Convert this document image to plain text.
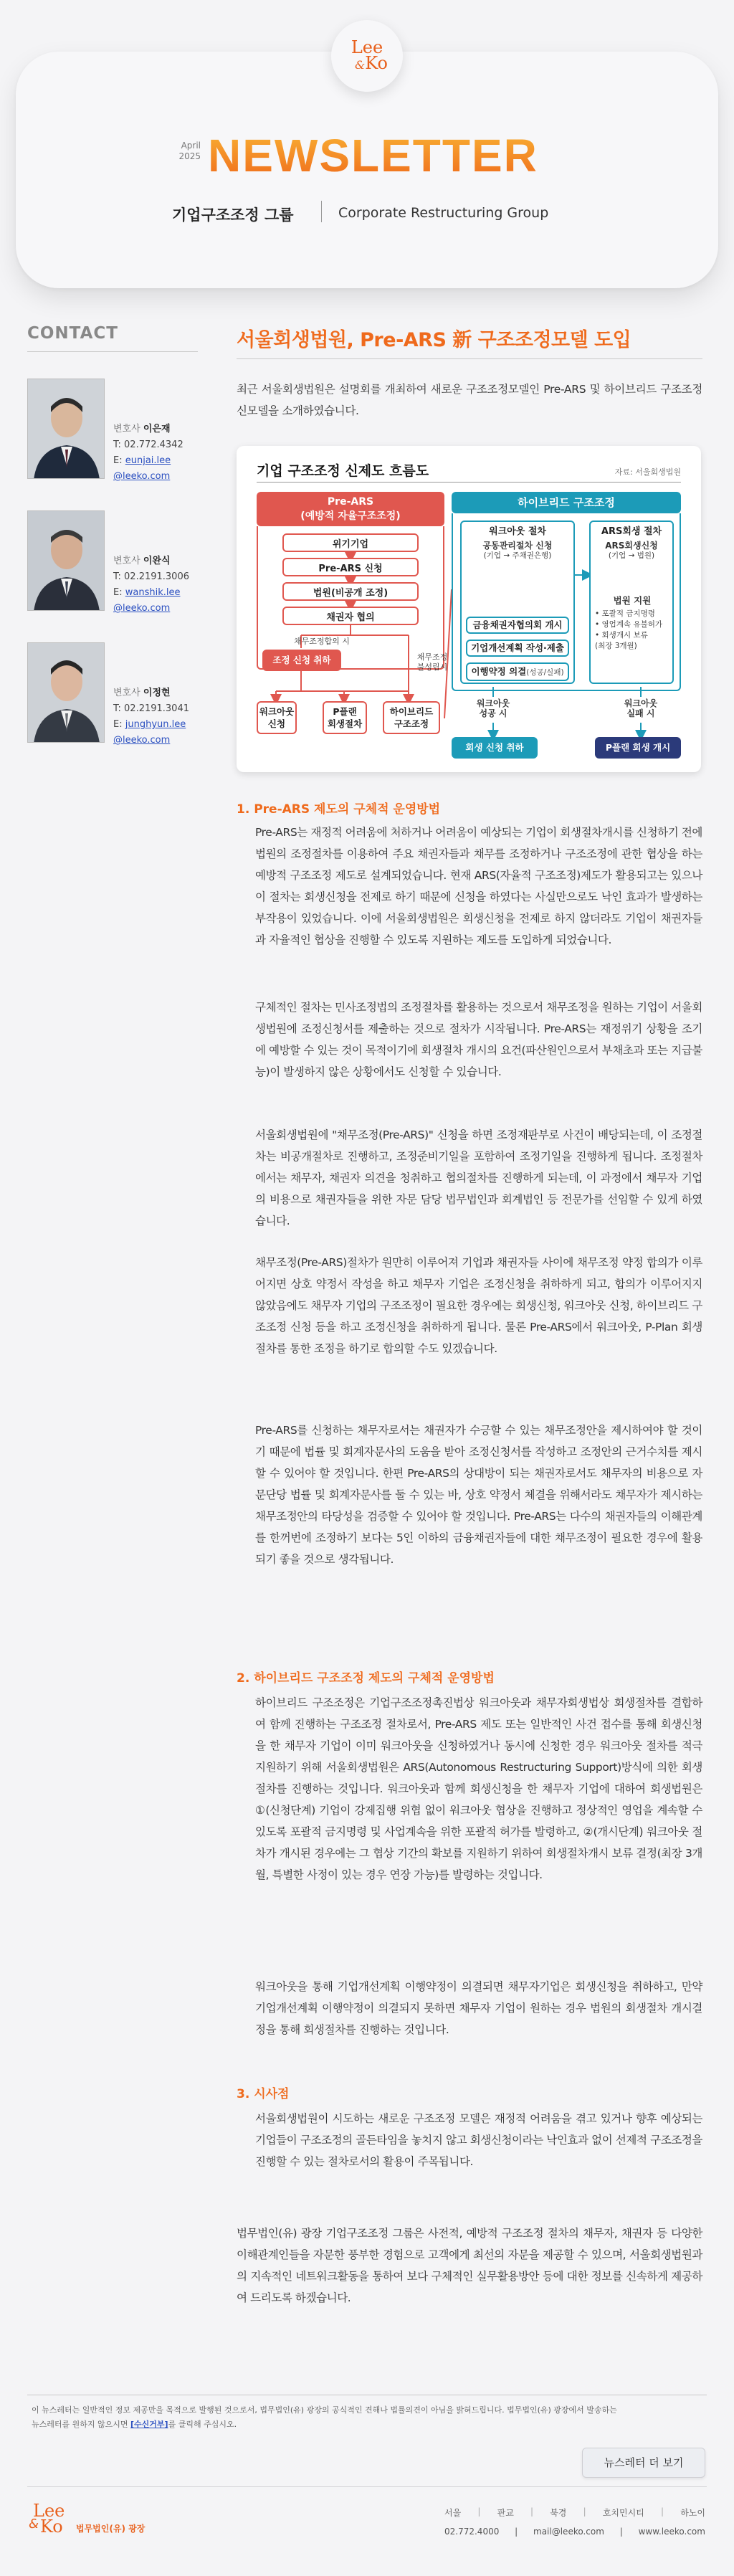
Lee
&Ko
April
2025 NEWSLETTER
기업구조조정 그룹	Corporate Restructuring Group
CONTACT
변호사 이은재
T: 02.772.4342
E: eunjai.lee
@leeko.com
변호사 이완식
T: 02.2191.3006
E: wanshik.lee
@leeko.com
변호사 이정현
T: 02.2191.3041
E: junghyun.lee
@leeko.com
서울회생법원, Pre-ARS 新 구조조정모델 도입
최근 서울회생법원은 설명회를 개최하여 새로운 구조조정모델인 Pre-ARS 및 하이브리드 구조조정 신모델을 소개하였습니다.
기업 구조조정 신제도 흐름도	자료: 서울회생법원
Pre-ARS
(예방적 자율구조조정)
위기기업
Pre-ARS 신청
법원(비공개 조정)
채권자 협의
채무조정합의 시
채무조정
불성립시
조정 신청 취하
워크아웃
신청
P플랜
회생절차
하이브리드
구조조정
하이브리드 구조조정
워크아웃 절차
공동관리절차 신청
(기업 → 주채권은행)
금융채권자협의회 개시
기업개선계획 작성·제출
이행약정 의결(성공/실패)
ARS회생 절차
ARS회생신청
(기업 → 법원)
법원 지원
• 포괄적 금지명령
• 영업계속 유불허가
• 회생개시 보류
(최장 3개월)
워크아웃
성공 시
워크아웃
실패 시
회생 신청 취하	P플랜 회생 개시
1. Pre-ARS 제도의 구체적 운영방법
Pre-ARS는 재정적 어려움에 처하거나 어려움이 예상되는 기업이 회생절차개시를 신청하기 전에 법원의 조정절차를 이용하여 주요 채권자들과 채무를 조정하거나 구조조정에 관한 협상을 하는 예방적 구조조정 제도로 설계되었습니다. 현재 ARS(자율적 구조조정)제도가 활용되고는 있으나 이 절차는 회생신청을 전제로 하기 때문에 신청을 하였다는 사실만으로도 낙인 효과가 발생하는 부작용이 있었습니다. 이에 서울회생법원은 회생신청을 전제로 하지 않더라도 기업이 채권자들과 자율적인 협상을 진행할 수 있도록 지원하는 제도를 도입하게 되었습니다.
구체적인 절차는 민사조정법의 조정절차를 활용하는 것으로서 채무조정을 원하는 기업이 서울회생법원에 조정신청서를 제출하는 것으로 절차가 시작됩니다. Pre-ARS는 재정위기 상황을 조기에 예방할 수 있는 것이 목적이기에 회생절차 개시의 요건(파산원인으로서 부채초과 또는 지급불능)이 발생하지 않은 상황에서도 신청할 수 있습니다.
서울회생법원에 "채무조정(Pre-ARS)" 신청을 하면 조정재판부로 사건이 배당되는데, 이 조정절차는 비공개절차로 진행하고, 조정준비기일을 포함하여 조정기일을 진행하게 됩니다. 조정절차에서는 채무자, 채권자 의견을 청취하고 협의절차를 진행하게 되는데, 이 과정에서 채무자 기업의 비용으로 채권자들을 위한 자문 담당 법무법인과 회계법인 등 전문가를 선임할 수 있게 하였습니다.
채무조정(Pre-ARS)절차가 원만히 이루어져 기업과 채권자들 사이에 채무조정 약정 합의가 이루어지면 상호 약정서 작성을 하고 채무자 기업은 조정신청을 취하하게 되고, 합의가 이루어지지 않았음에도 채무자 기업의 구조조정이 필요한 경우에는 회생신청, 워크아웃 신청, 하이브리드 구조조정 신청 등을 하고 조정신청을 취하하게 됩니다. 물론 Pre-ARS에서 워크아웃, P-Plan 회생절차를 통한 조정을 하기로 합의할 수도 있겠습니다.
Pre-ARS를 신청하는 채무자로서는 채권자가 수긍할 수 있는 채무조정안을 제시하여야 할 것이기 때문에 법률 및 회계자문사의 도움을 받아 조정신청서를 작성하고 조정안의 근거수치를 제시할 수 있어야 할 것입니다. 한편 Pre-ARS의 상대방이 되는 채권자로서도 채무자의 비용으로 자문단당 법률 및 회계자문사를 둘 수 있는 바, 상호 약정서 체결을 위해서라도 채무자가 제시하는 채무조정안의 타당성을 검증할 수 있어야 할 것입니다. Pre-ARS는 다수의 채권자들의 이해관계를 한꺼번에 조정하기 보다는 5인 이하의 금융채권자들에 대한 채무조정이 필요한 경우에 활용되기 좋을 것으로 생각됩니다.
2. 하이브리드 구조조정 제도의 구체적 운영방법
하이브리드 구조조정은 기업구조조정촉진법상 워크아웃과 채무자회생법상 회생절차를 결합하여 함께 진행하는 구조조정 절차로서, Pre-ARS 제도 또는 일반적인 사건 접수를 통해 회생신청을 한 채무자 기업이 이미 워크아웃을 신청하였거나 동시에 신청한 경우 워크아웃 절차를 적극 지원하기 위해 서울회생법원은 ARS(Autonomous Restructuring Support)방식에 의한 회생절차를 진행하는 것입니다. 워크아웃과 함께 회생신청을 한 채무자 기업에 대하여 회생법원은 ①(신청단계) 기업이 강제집행 위협 없이 워크아웃 협상을 진행하고 정상적인 영업을 계속할 수 있도록 포괄적 금지명령 및 사업계속을 위한 포괄적 허가를 발령하고, ②(개시단계) 워크아웃 절차가 개시된 경우에는 그 협상 기간의 확보를 지원하기 위하여 회생절차개시 보류 결정(최장 3개월, 특별한 사정이 있는 경우 연장 가능)를 발령하는 것입니다.
워크아웃을 통해 기업개선계획 이행약정이 의결되면 채무자기업은 회생신청을 취하하고, 만약 기업개선계획 이행약정이 의결되지 못하면 채무자 기업이 원하는 경우 법원의 회생절차 개시결정을 통해 회생절차를 진행하는 것입니다.
3. 시사점
서울회생법원이 시도하는 새로운 구조조정 모델은 재정적 어려움을 겪고 있거나 향후 예상되는 기업들이 구조조정의 골든타임을 놓치지 않고 회생신청이라는 낙인효과 없이 선제적 구조조정을 진행할 수 있는 절차로서의 활용이 주목됩니다.
법무법인(유) 광장 기업구조조정 그룹은 사전적, 예방적 구조조정 절차의 채무자, 채권자 등 다양한 이해관계인들을 자문한 풍부한 경험으로 고객에게 최선의 자문을 제공할 수 있으며, 서울회생법원과의 지속적인 네트워크활동을 통하여 보다 구체적인 실무활용방안 등에 대한 정보를 신속하게 제공하여 드리도록 하겠습니다.
이 뉴스레터는 일반적인 정보 제공만을 목적으로 발행된 것으로서, 법무법인(유) 광장의 공식적인 견해나 법률의견이 아님을 밝혀드립니다. 법무법인(유) 광장에서 발송하는
뉴스레터를 원하지 않으시면 [수신거부]를 클릭해 주십시오.
뉴스레터 더 보기
Lee
& Ko 법무법인(유) 광장
서울 | 판교 | 북경 | 호치민시티 | 하노이
02.772.4000 | mail@leeko.com | www.leeko.com
